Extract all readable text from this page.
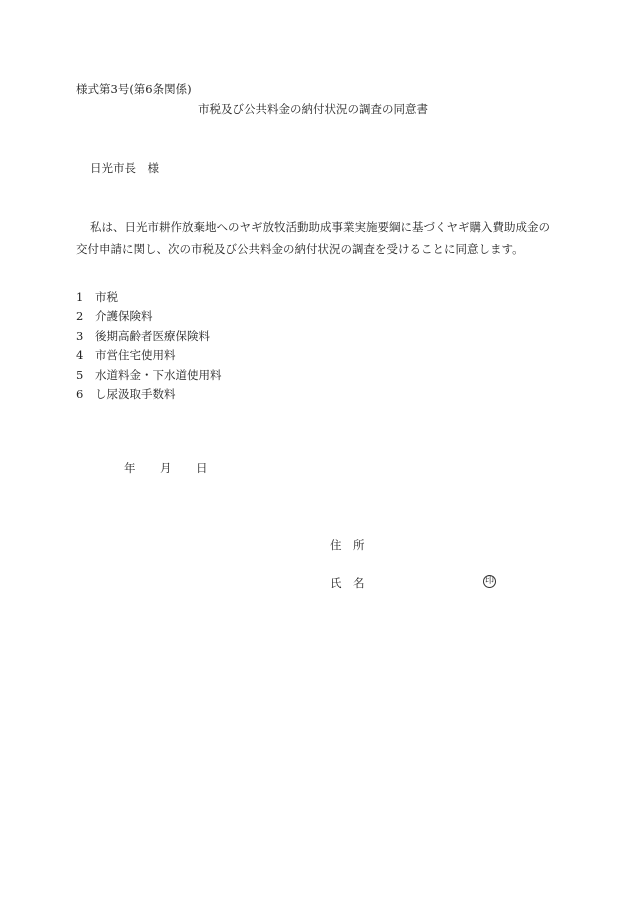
様式第3号(第6条関係)
市税及び公共料金の納付状況の調査の同意書
日光市長　様
私は、日光市耕作放棄地へのヤギ放牧活動助成事業実施要綱に基づくヤギ購入費助成金の交付申請に関し、次の市税及び公共料金の納付状況の調査を受けることに同意します。
1 市税
2 介護保険料
3 後期高齢者医療保険料
4 市営住宅使用料
5 水道料金・下水道使用料
6 し尿汲取手数料
年 月 日
住　所
氏　名	印
